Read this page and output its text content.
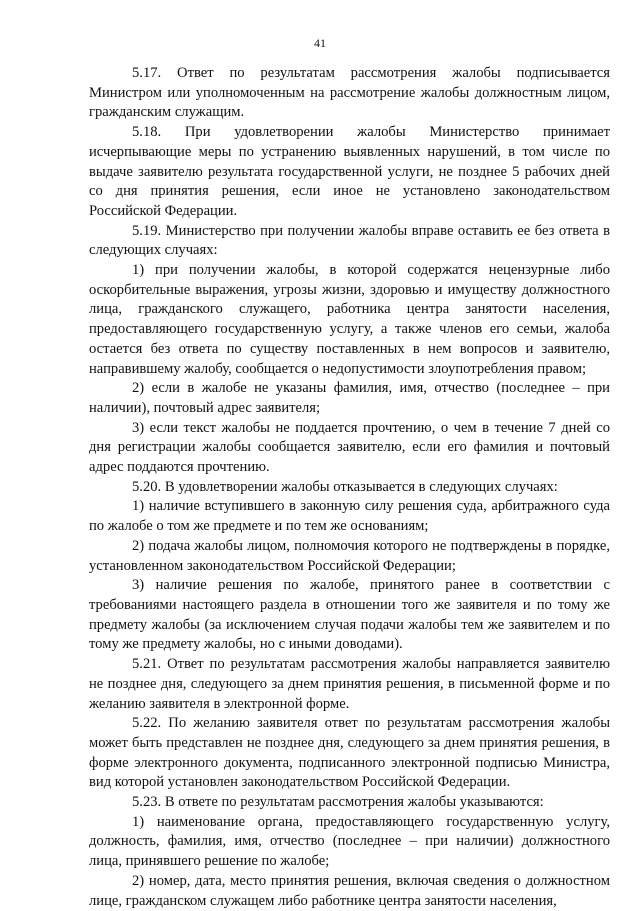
41

5.17. Ответ по результатам рассмотрения жалобы подписывается Министром или уполномоченным на рассмотрение жалобы должностным лицом, гражданским служащим.

5.18. При удовлетворении жалобы Министерство принимает исчерпывающие меры по устранению выявленных нарушений, в том числе по выдаче заявителю результата государственной услуги, не позднее 5 рабочих дней со дня принятия решения, если иное не установлено законодательством Российской Федерации.

5.19. Министерство при получении жалобы вправе оставить ее без ответа в следующих случаях:

1) при получении жалобы, в которой содержатся нецензурные либо оскорбительные выражения, угрозы жизни, здоровью и имуществу должностного лица, гражданского служащего, работника центра занятости населения, предоставляющего государственную услугу, а также членов его семьи, жалоба остается без ответа по существу поставленных в нем вопросов и заявителю, направившему жалобу, сообщается о недопустимости злоупотребления правом;

2) если в жалобе не указаны фамилия, имя, отчество (последнее – при наличии), почтовый адрес заявителя;

3) если текст жалобы не поддается прочтению, о чем в течение 7 дней со дня регистрации жалобы сообщается заявителю, если его фамилия и почтовый адрес поддаются прочтению.

5.20. В удовлетворении жалобы отказывается в следующих случаях:

1) наличие вступившего в законную силу решения суда, арбитражного суда по жалобе о том же предмете и по тем же основаниям;

2) подача жалобы лицом, полномочия которого не подтверждены в порядке, установленном законодательством Российской Федерации;

3) наличие решения по жалобе, принятого ранее в соответствии с требованиями настоящего раздела в отношении того же заявителя и по тому же предмету жалобы (за исключением случая подачи жалобы тем же заявителем и по тому же предмету жалобы, но с иными доводами).

5.21. Ответ по результатам рассмотрения жалобы направляется заявителю не позднее дня, следующего за днем принятия решения, в письменной форме и по желанию заявителя в электронной форме.

5.22. По желанию заявителя ответ по результатам рассмотрения жалобы может быть представлен не позднее дня, следующего за днем принятия решения, в форме электронного документа, подписанного электронной подписью Министра, вид которой установлен законодательством Российской Федерации.

5.23. В ответе по результатам рассмотрения жалобы указываются:

1) наименование органа, предоставляющего государственную услугу, должность, фамилия, имя, отчество (последнее – при наличии) должностного лица, принявшего решение по жалобе;

2) номер, дата, место принятия решения, включая сведения о должностном лице, гражданском служащем либо работнике центра занятости населения,
